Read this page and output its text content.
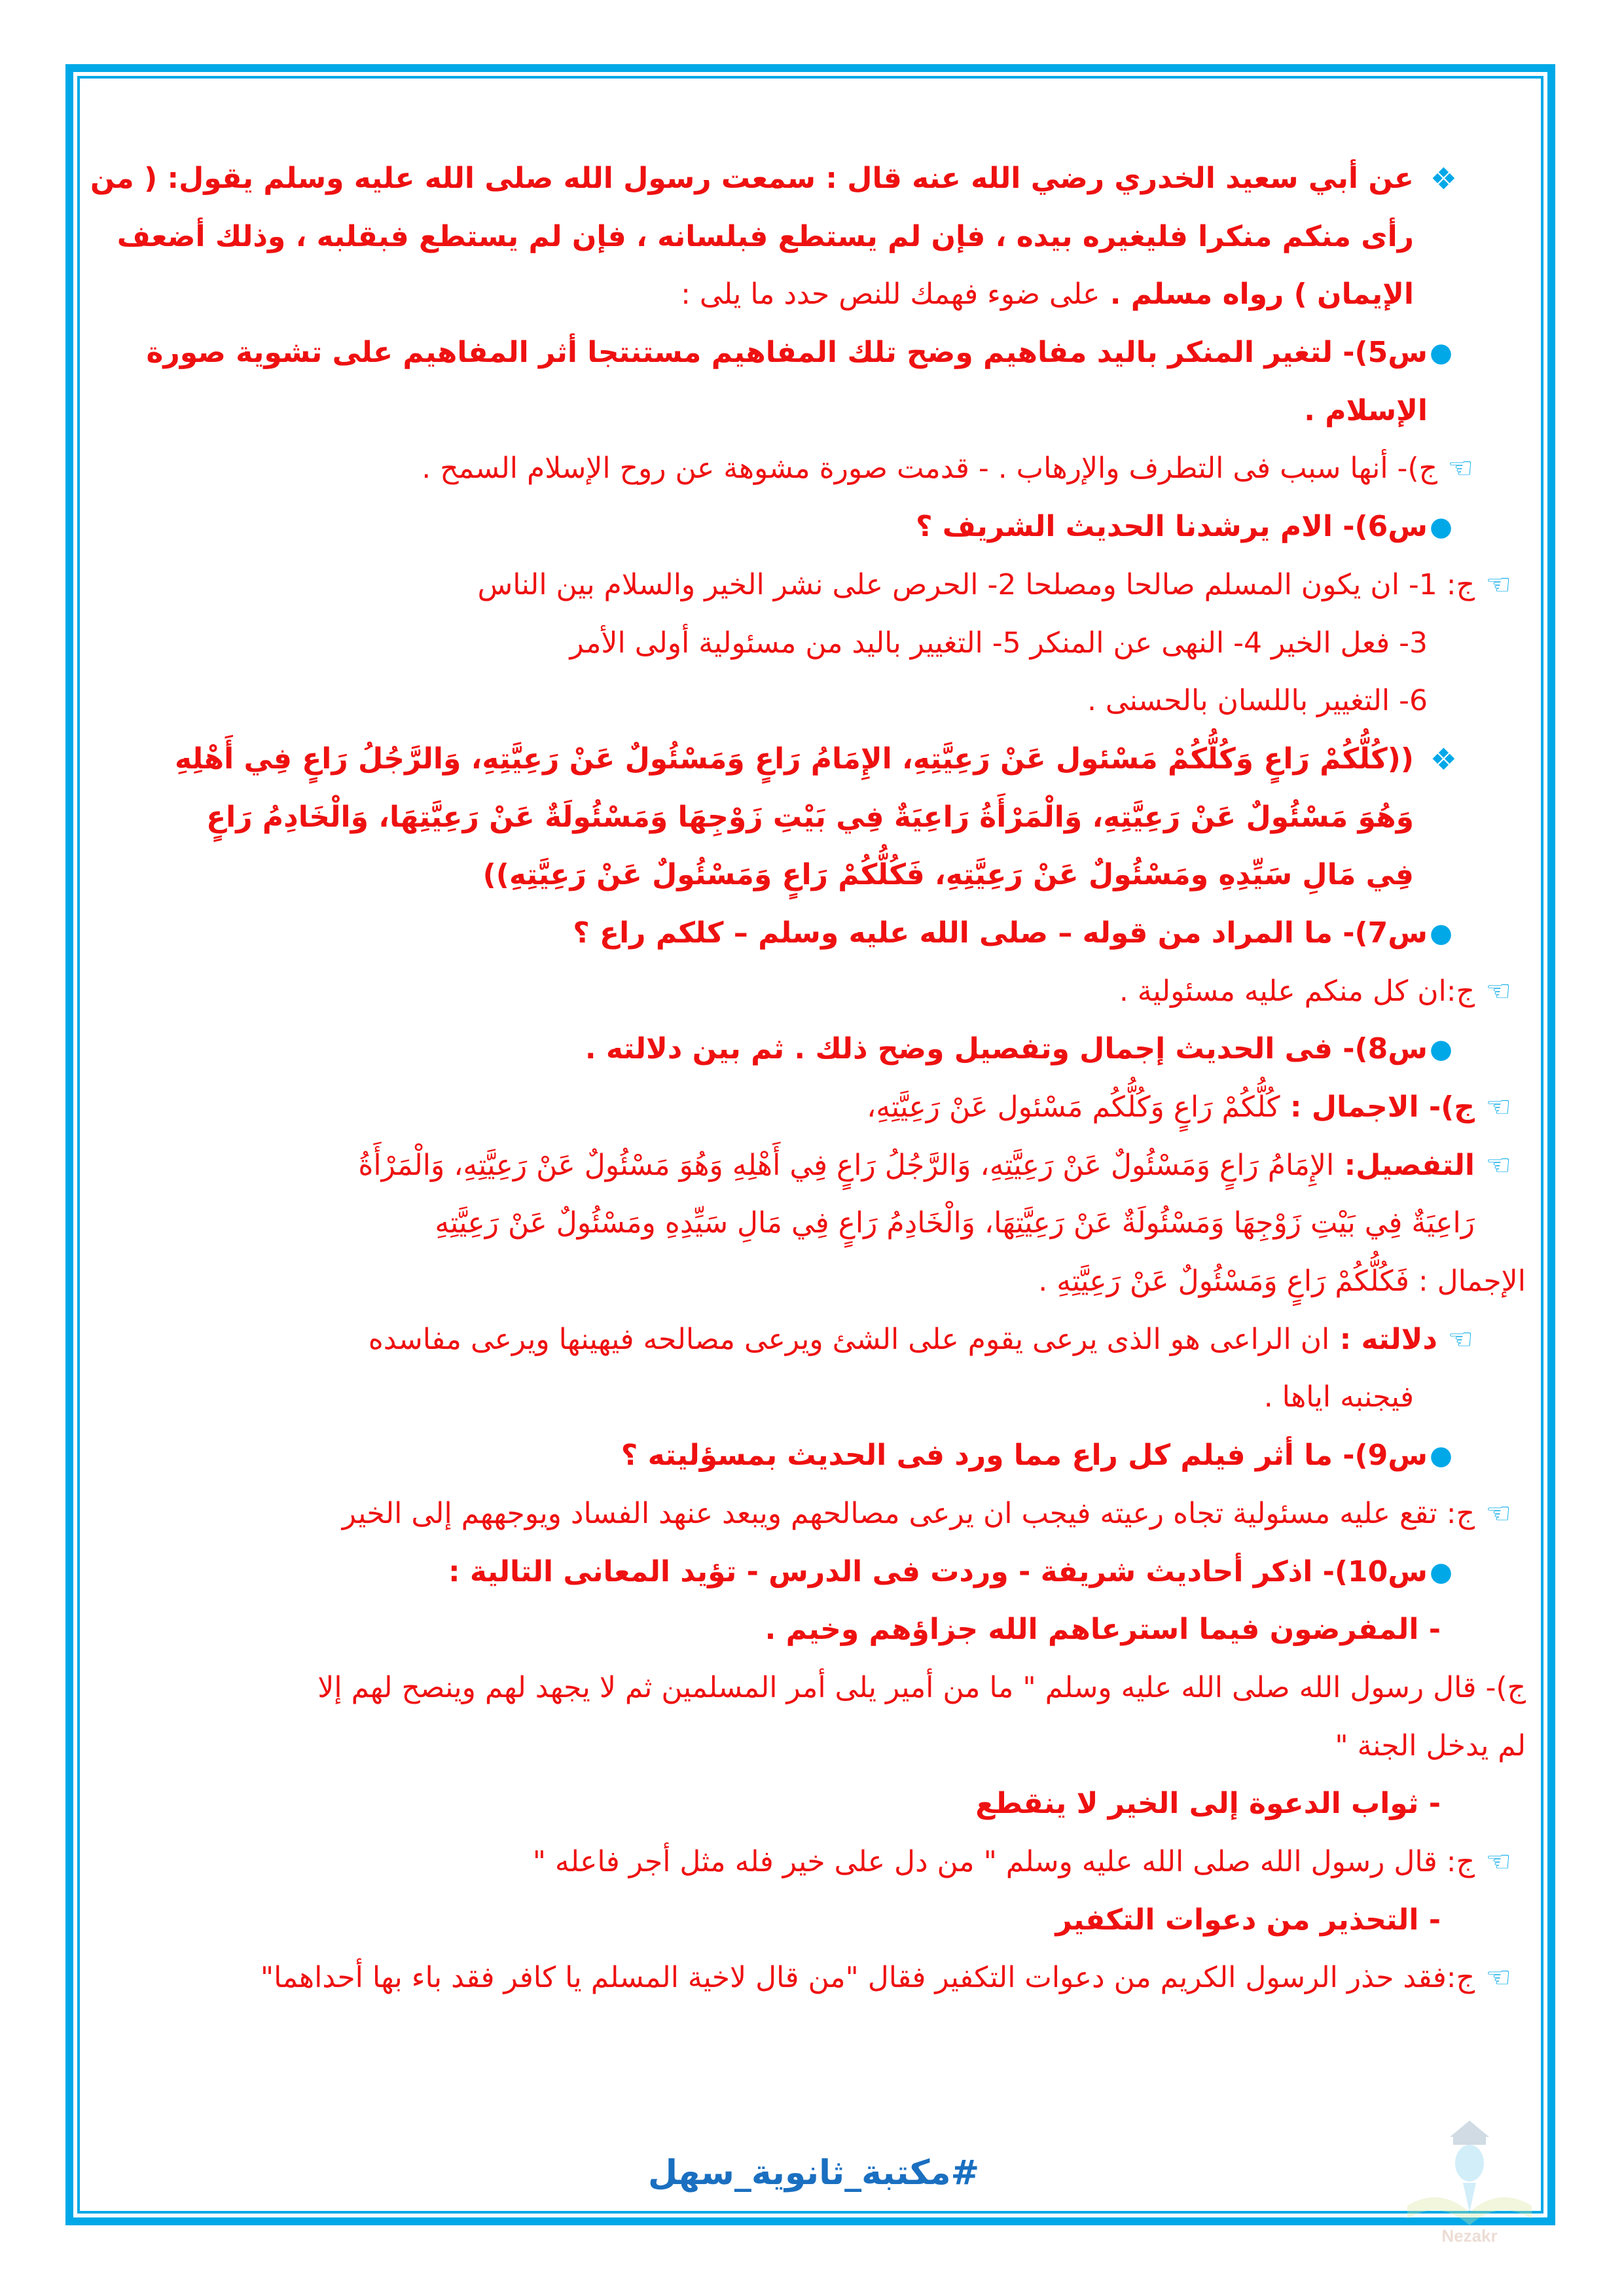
❖
عن أبي سعيد الخدري رضي الله عنه قال : سمعت رسول الله صلى الله عليه وسلم يقول: ( من
رأى منكم منكرا فليغيره بيده ، فإن لم يستطع فبلسانه ، فإن لم يستطع فبقلبه ، وذلك أضعف
الإيمان ) رواه مسلم . على ضوء فهمك للنص حدد ما يلى :
●
س5)- لتغير المنكر باليد مفاهيم وضح تلك المفاهيم مستنتجا أثر المفاهيم على تشوية صورة
الإسلام .
☜
ج)- أنها سبب فى التطرف والإرهاب . - قدمت صورة مشوهة عن روح الإسلام السمح .
●
س6)- الام يرشدنا الحديث الشريف ؟
☜
ج: 1- ان يكون المسلم صالحا ومصلحا 2- الحرص على نشر الخير والسلام بين الناس
3- فعل الخير 4- النهى عن المنكر 5- التغيير باليد من مسئولية أولى الأمر
6- التغيير باللسان بالحسنى .
❖
((كُلُّكُمْ رَاعٍ وَكُلُّكُمْ مَسْئول عَنْ رَعِيَّتِهِ، الإِمَامُ رَاعٍ وَمَسْئُولٌ عَنْ رَعِيَّتِهِ، وَالرَّجُلُ رَاعٍ فِي أَهْلِهِ
وَهُوَ مَسْئُولٌ عَنْ رَعِيَّتِهِ، وَالْمَرْأَةُ رَاعِيَةٌ فِي بَيْتِ زَوْجِهَا وَمَسْئُولَةٌ عَنْ رَعِيَّتِهَا، وَالْخَادِمُ رَاعٍ
فِي مَالِ سَيِّدِهِ ومَسْئُولٌ عَنْ رَعِيَّتِهِ، فَكُلُّكُمْ رَاعٍ وَمَسْئُولٌ عَنْ رَعِيَّتِهِ))
●
س7)- ما المراد من قوله – صلى الله عليه وسلم – كلكم راع ؟
☜
ج:ان كل منكم عليه مسئولية .
●
س8)- فى الحديث إجمال وتفصيل وضح ذلك . ثم بين دلالته .
☜
ج)- الاجمال : كُلُّكُمْ رَاعٍ وَكُلُّكُم مَسْئول عَنْ رَعِيَّتِهِ،
☜
التفصيل: الإِمَامُ رَاعٍ وَمَسْئُولٌ عَنْ رَعِيَّتِهِ، وَالرَّجُلُ رَاعٍ فِي أَهْلِهِ وَهُوَ مَسْئُولٌ عَنْ رَعِيَّتِهِ، وَالْمَرْأَةُ
رَاعِيَةٌ فِي بَيْتِ زَوْجِهَا وَمَسْئُولَةٌ عَنْ رَعِيَّتِهَا، وَالْخَادِمُ رَاعٍ فِي مَالِ سَيِّدِهِ ومَسْئُولٌ عَنْ رَعِيَّتِهِ
الإجمال : فَكُلُّكُمْ رَاعٍ وَمَسْئُولٌ عَنْ رَعِيَّتِهِ .
☜
دلالته : ان الراعى هو الذى يرعى يقوم على الشئ ويرعى مصالحه فيهينها ويرعى مفاسده
فيجنبه اياها .
●
س9)- ما أثر فيلم كل راع مما ورد فى الحديث بمسؤليته ؟
☜
ج: تقع عليه مسئولية تجاه رعيته فيجب ان يرعى مصالحهم ويبعد عنهد الفساد ويوجههم إلى الخير
●
س10)- اذكر أحاديث شريفة - وردت فى الدرس - تؤيد المعانى التالية :
- المفرضون فيما استرعاهم الله جزاؤهم وخيم .
ج)- قال رسول الله صلى الله عليه وسلم " ما من أمير يلى أمر المسلمين ثم لا يجهد لهم وينصح لهم إلا
لم يدخل الجنة "
- ثواب الدعوة إلى الخير لا ينقطع
☜
ج: قال رسول الله صلى الله عليه وسلم " من دل على خير فله مثل أجر فاعله "
- التحذير من دعوات التكفير
☜
ج:فقد حذر الرسول الكريم من دعوات التكفير فقال "من قال لاخية المسلم يا كافر فقد باء بها أحداهما"
#مكتبة_ثانوية_سهل
Nezakr
